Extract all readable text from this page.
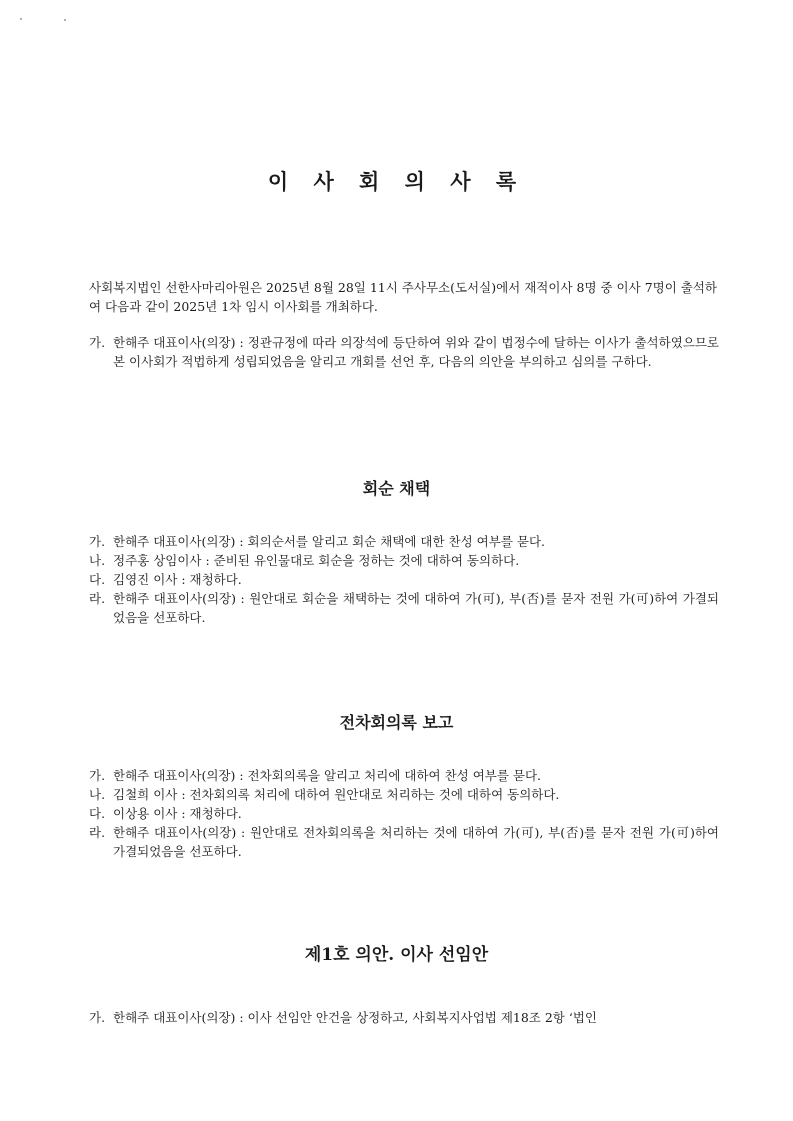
이 사 회 의 사 록

사회복지법인 선한사마리아원은 2025년 8월 28일 11시 주사무소(도서실)에서 재적이사 8명 중 이사 7명이 출석하여 다음과 같이 2025년 1차 임시 이사회를 개최하다.

가. 한해주 대표이사(의장) : 정관규정에 따라 의장석에 등단하여 위와 같이 법정수에 달하는 이사가 출석하였으므로 본 이사회가 적법하게 성립되었음을 알리고 개회를 선언 후, 다음의 의안을 부의하고 심의를 구하다.
회순 채택
가. 한해주 대표이사(의장) : 회의순서를 알리고 회순 채택에 대한 찬성 여부를 묻다.
나. 정주홍 상임이사 : 준비된 유인물대로 회순을 정하는 것에 대하여 동의하다.
다. 김영진 이사 : 재청하다.
라. 한해주 대표이사(의장) : 원안대로 회순을 채택하는 것에 대하여 가(可), 부(否)를 묻자 전원 가(可)하여 가결되었음을 선포하다.
전차회의록 보고
가. 한해주 대표이사(의장) : 전차회의록을 알리고 처리에 대하여 찬성 여부를 묻다.
나. 김철희 이사 : 전차회의록 처리에 대하여 원안대로 처리하는 것에 대하여 동의하다.
다. 이상용 이사 : 재청하다.
라. 한해주 대표이사(의장) : 원안대로 전차회의록을 처리하는 것에 대하여 가(可), 부(否)를 묻자 전원 가(可)하여 가결되었음을 선포하다.
제1호 의안. 이사 선임안
가. 한해주 대표이사(의장) : 이사 선임안 안건을 상정하고, 사회복지사업법 제18조 2항 ‘법인
